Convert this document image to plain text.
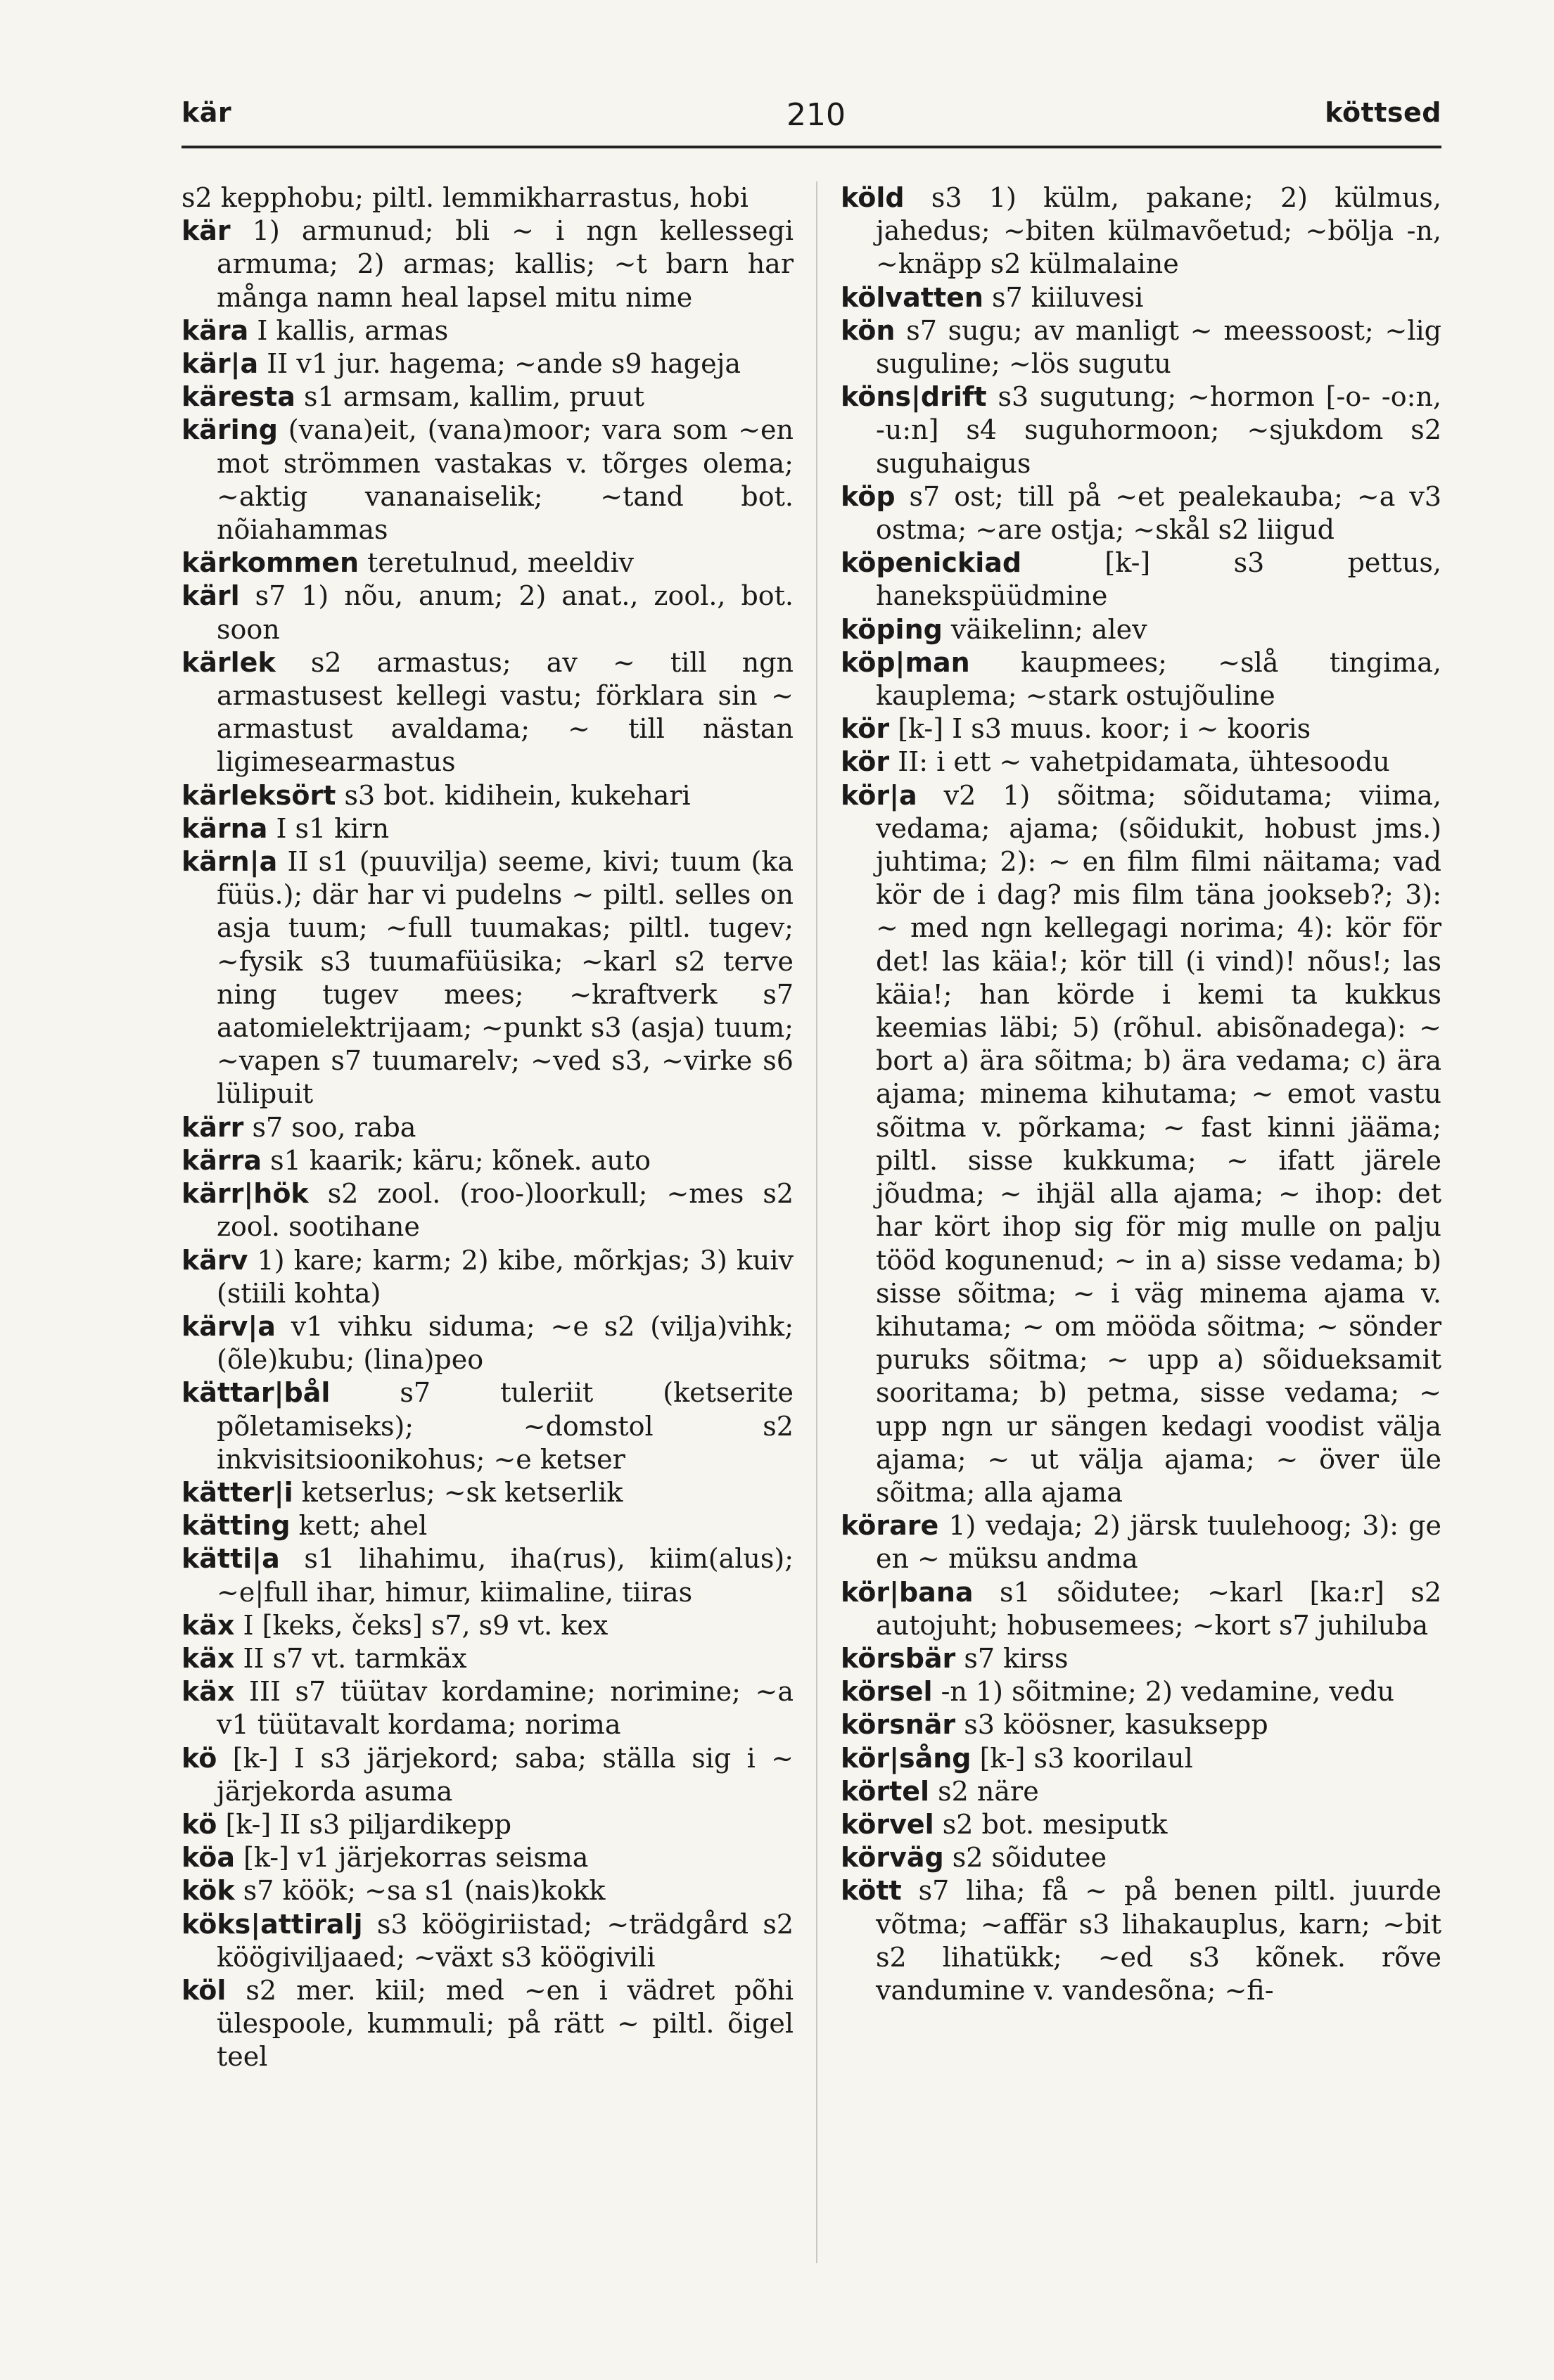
kär	210	köttsed

s2 kepphobu; piltl. lemmikharrastus, hobi

kär 1) armunud; bli ~ i ngn kellessegi armuma; 2) armas; kallis; ~t barn har många namn heal lapsel mitu nime

kära I kallis, armas

kär|a II v1 jur. hagema; ~ande s9 hageja

käresta s1 armsam, kallim, pruut

käring (vana)eit, (vana)moor; vara som ~en mot strömmen vastakas v. tõrges olema; ~aktig vananaiselik; ~tand bot. nõiahammas

kärkommen teretulnud, meeldiv

kärl s7 1) nõu, anum; 2) anat., zool., bot. soon

kärlek s2 armastus; av ~ till ngn armastusest kellegi vastu; förklara sin ~ armastust avaldama; ~ till nästan ligimesearmastus

kärleksört s3 bot. kidihein, kukehari

kärna I s1 kirn

kärn|a II s1 (puuvilja) seeme, kivi; tuum (ka füüs.); där har vi pudelns ~ piltl. selles on asja tuum; ~full tuumakas; piltl. tugev; ~fysik s3 tuumafüüsika; ~karl s2 terve ning tugev mees; ~kraftverk s7 aatomielektrijaam; ~punkt s3 (asja) tuum; ~vapen s7 tuumarelv; ~ved s3, ~virke s6 lülipuit

kärr s7 soo, raba

kärra s1 kaarik; käru; kõnek. auto

kärr|hök s2 zool. (roo-)loorkull; ~mes s2 zool. sootihane

kärv 1) kare; karm; 2) kibe, mõrkjas; 3) kuiv (stiili kohta)

kärv|a v1 vihku siduma; ~e s2 (vilja)vihk; (õle)kubu; (lina)peo

kättar|bål s7 tuleriit (ketserite põletamiseks); ~domstol s2 inkvisitsioonikohus; ~e ketser

kätter|i ketserlus; ~sk ketserlik

kätting kett; ahel

kätti|a s1 lihahimu, iha(rus), kiim(alus); ~e|full ihar, himur, kiimaline, tiiras

käx I [keks, čeks] s7, s9 vt. kex

käx II s7 vt. tarmkäx

käx III s7 tüütav kordamine; norimine; ~a v1 tüütavalt kordama; norima

kö [k-] I s3 järjekord; saba; ställa sig i ~ järjekorda asuma

kö [k-] II s3 piljardikepp

köa [k-] v1 järjekorras seisma

kök s7 köök; ~sa s1 (nais)kokk

köks|attiralj s3 köögiriistad; ~trädgård s2 köögiviljaaed; ~växt s3 köögivili

köl s2 mer. kiil; med ~en i vädret põhi ülespoole, kummuli; på rätt ~ piltl. õigel teel

köld s3 1) külm, pakane; 2) külmus, jahedus; ~biten külmavõetud; ~bölja -n, ~knäpp s2 külmalaine

kölvatten s7 kiiluvesi

kön s7 sugu; av manligt ~ meessoost; ~lig suguline; ~lös sugutu

köns|drift s3 sugutung; ~hormon [-o- -o:n, -u:n] s4 suguhormoon; ~sjukdom s2 suguhaigus

köp s7 ost; till på ~et pealekauba; ~a v3 ostma; ~are ostja; ~skål s2 liigud

köpenickiad [k-] s3 pettus, hanekspüüdmine

köping väikelinn; alev

köp|man kaupmees; ~slå tingima, kauplema; ~stark ostujõuline

kör [k-] I s3 muus. koor; i ~ kooris

kör II: i ett ~ vahetpidamata, ühtesoodu

kör|a v2 1) sõitma; sõidutama; viima, vedama; ajama; (sõidukit, hobust jms.) juhtima; 2): ~ en film filmi näitama; vad kör de i dag? mis film täna jookseb?; 3): ~ med ngn kellegagi norima; 4): kör för det! las käia!; kör till (i vind)! nõus!; las käia!; han körde i kemi ta kukkus keemias läbi; 5) (rõhul. abisõnadega): ~ bort a) ära sõitma; b) ära vedama; c) ära ajama; minema kihutama; ~ emot vastu sõitma v. põrkama; ~ fast kinni jääma; piltl. sisse kukkuma; ~ ifatt järele jõudma; ~ ihjäl alla ajama; ~ ihop: det har kört ihop sig för mig mulle on palju tööd kogunenud; ~ in a) sisse vedama; b) sisse sõitma; ~ i väg minema ajama v. kihutama; ~ om mööda sõitma; ~ sönder puruks sõitma; ~ upp a) sõidueksamit sooritama; b) petma, sisse vedama; ~ upp ngn ur sängen kedagi voodist välja ajama; ~ ut välja ajama; ~ över üle sõitma; alla ajama

körare 1) vedaja; 2) järsk tuulehoog; 3): ge en ~ müksu andma

kör|bana s1 sõidutee; ~karl [ka:r] s2 autojuht; hobusemees; ~kort s7 juhiluba

körsbär s7 kirss

körsel -n 1) sõitmine; 2) vedamine, vedu

körsnär s3 köösner, kasuksepp

kör|sång [k-] s3 koorilaul

körtel s2 näre

körvel s2 bot. mesiputk

körväg s2 sõidutee

kött s7 liha; få ~ på benen piltl. juurde võtma; ~affär s3 lihakauplus, karn; ~bit s2 lihatükk; ~ed s3 kõnek. rõve vandumine v. vandesõna; ~fi-
